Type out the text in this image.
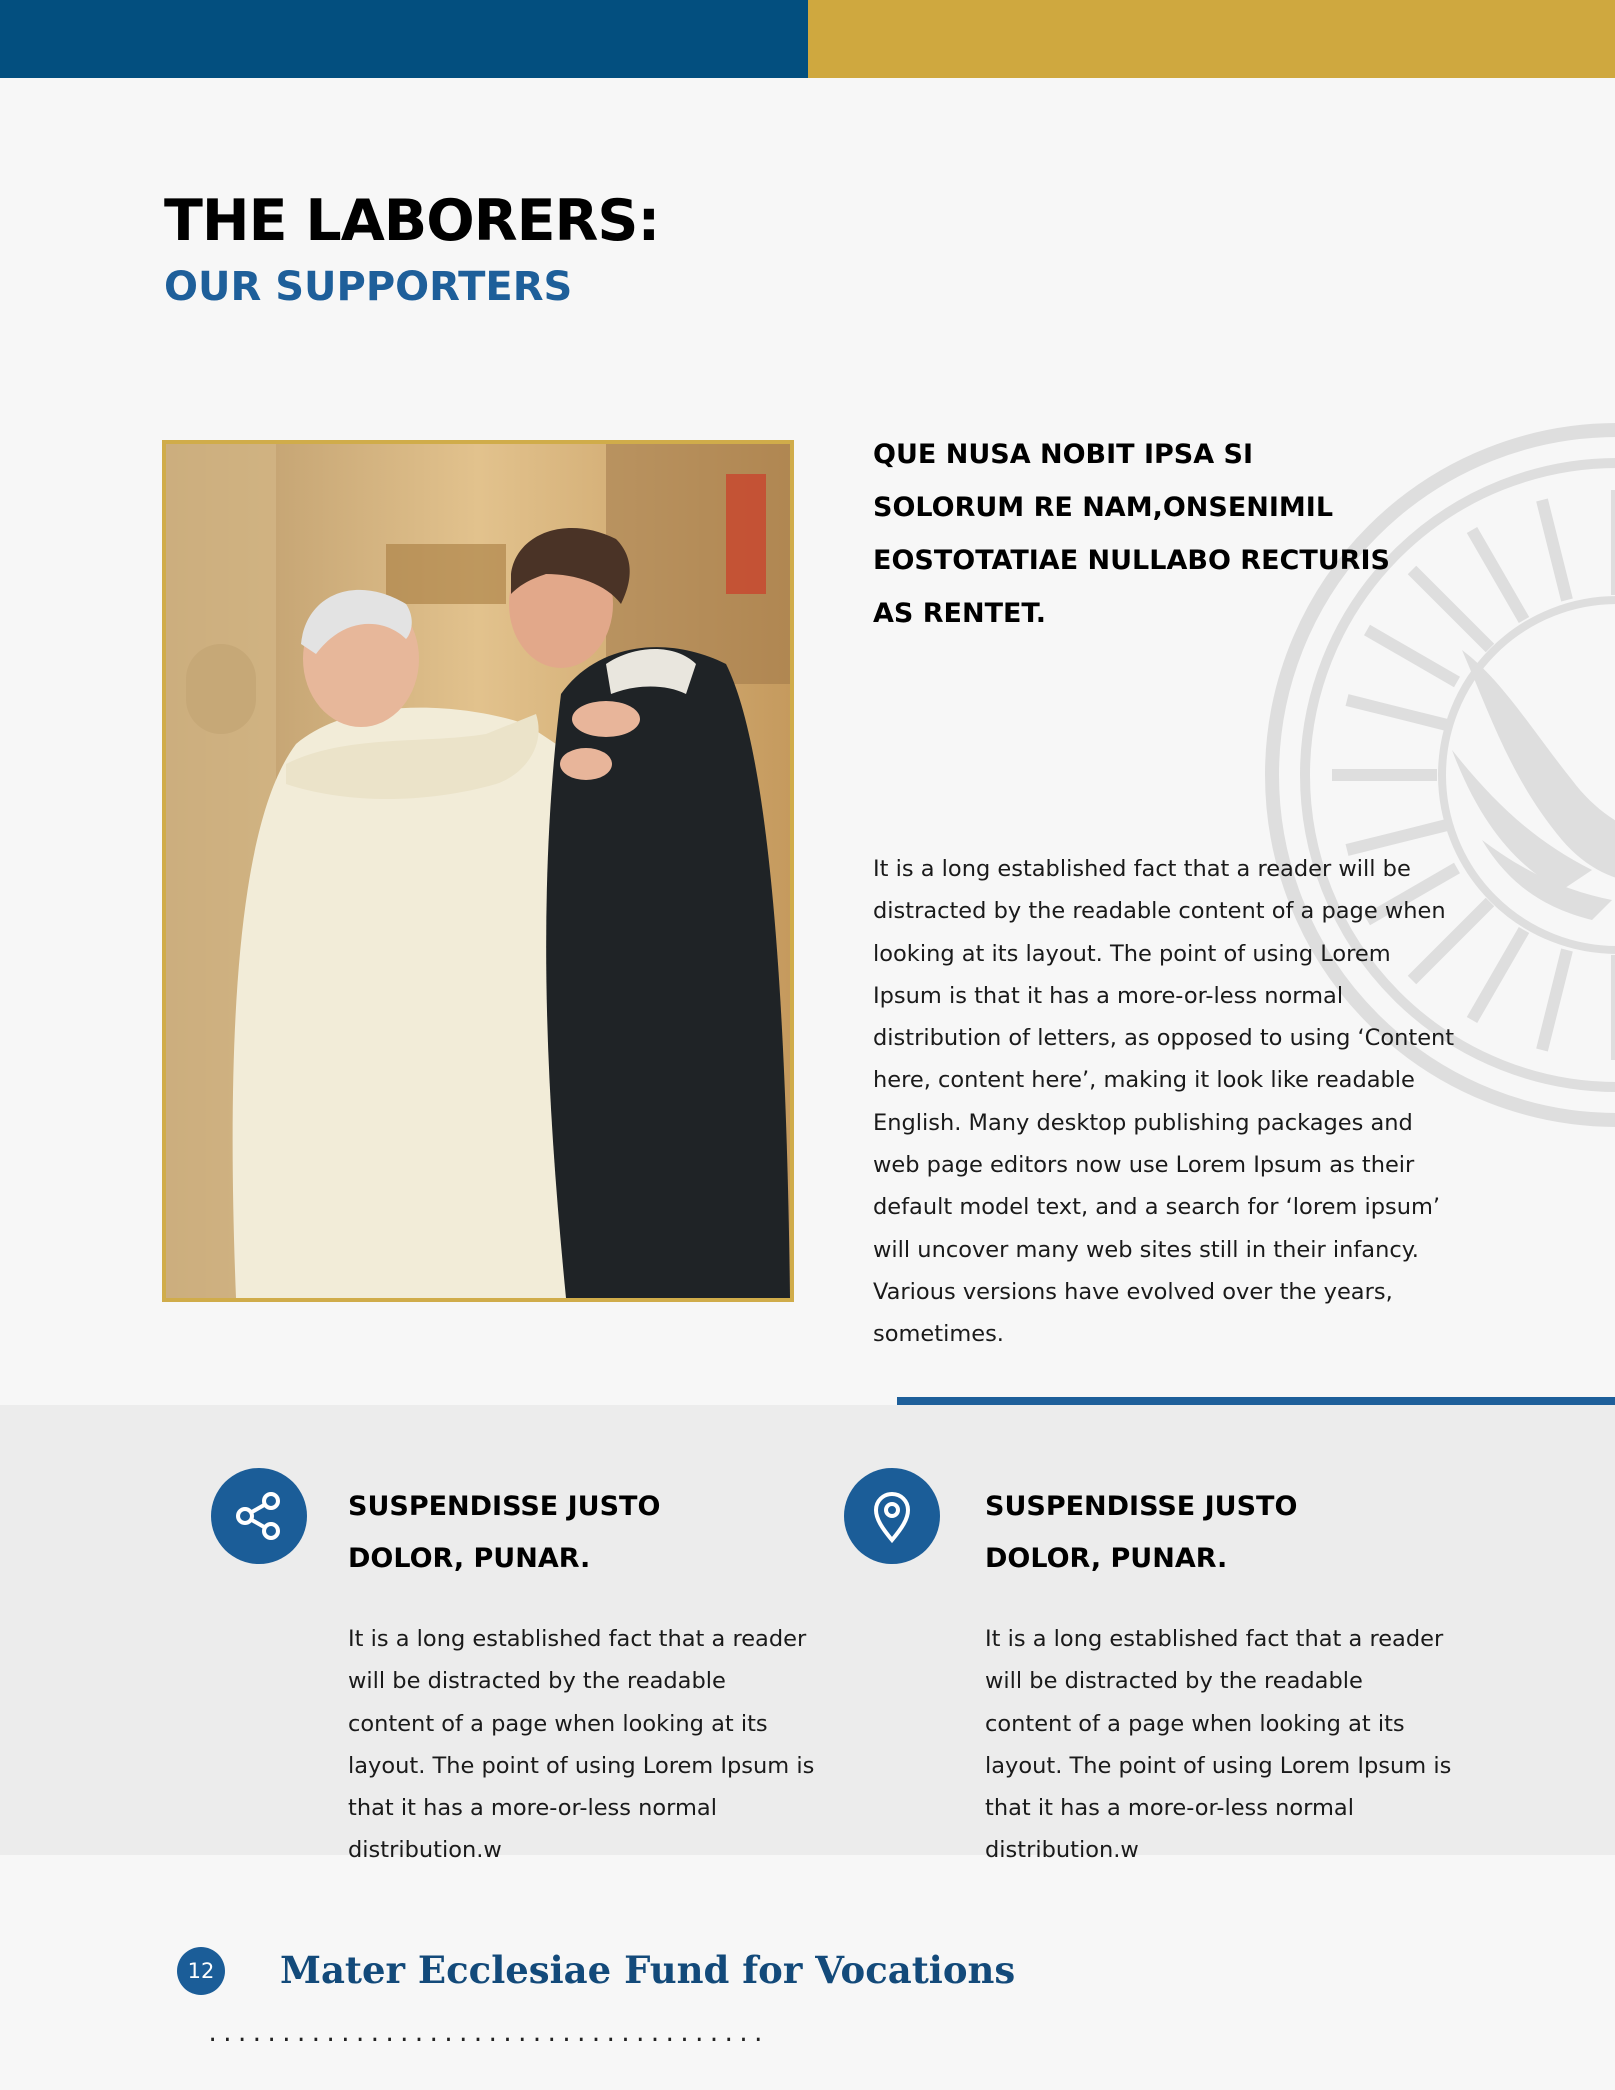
THE LABORERS:
OUR SUPPORTERS

QUE NUSA NOBIT IPSA SI SOLORUM RE NAM,ONSENIMIL EOSTOTATIAE NULLABO RECTURIS AS RENTET.

It is a long established fact that a reader will be distracted by the readable content of a page when looking at its layout. The point of using Lorem Ipsum is that it has a more-or-less normal distribution of letters, as opposed to using ‘Content here, content here’, making it look like readable English. Many desktop publishing packages and web page editors now use Lorem Ipsum as their default model text, and a search for ‘lorem ipsum’ will uncover many web sites still in their infancy. Various versions have evolved over the years, sometimes.

SUSPENDISSE JUSTO
DOLOR, PUNAR.

It is a long established fact that a reader will be distracted by the readable content of a page when looking at its layout. The point of using Lorem Ipsum is that it has a more-or-less normal distribution.w

SUSPENDISSE JUSTO
DOLOR, PUNAR.

It is a long established fact that a reader will be distracted by the readable content of a page when looking at its layout. The point of using Lorem Ipsum is that it has a more-or-less normal distribution.w

12 Mater Ecclesiae Fund for Vocations

......................................
